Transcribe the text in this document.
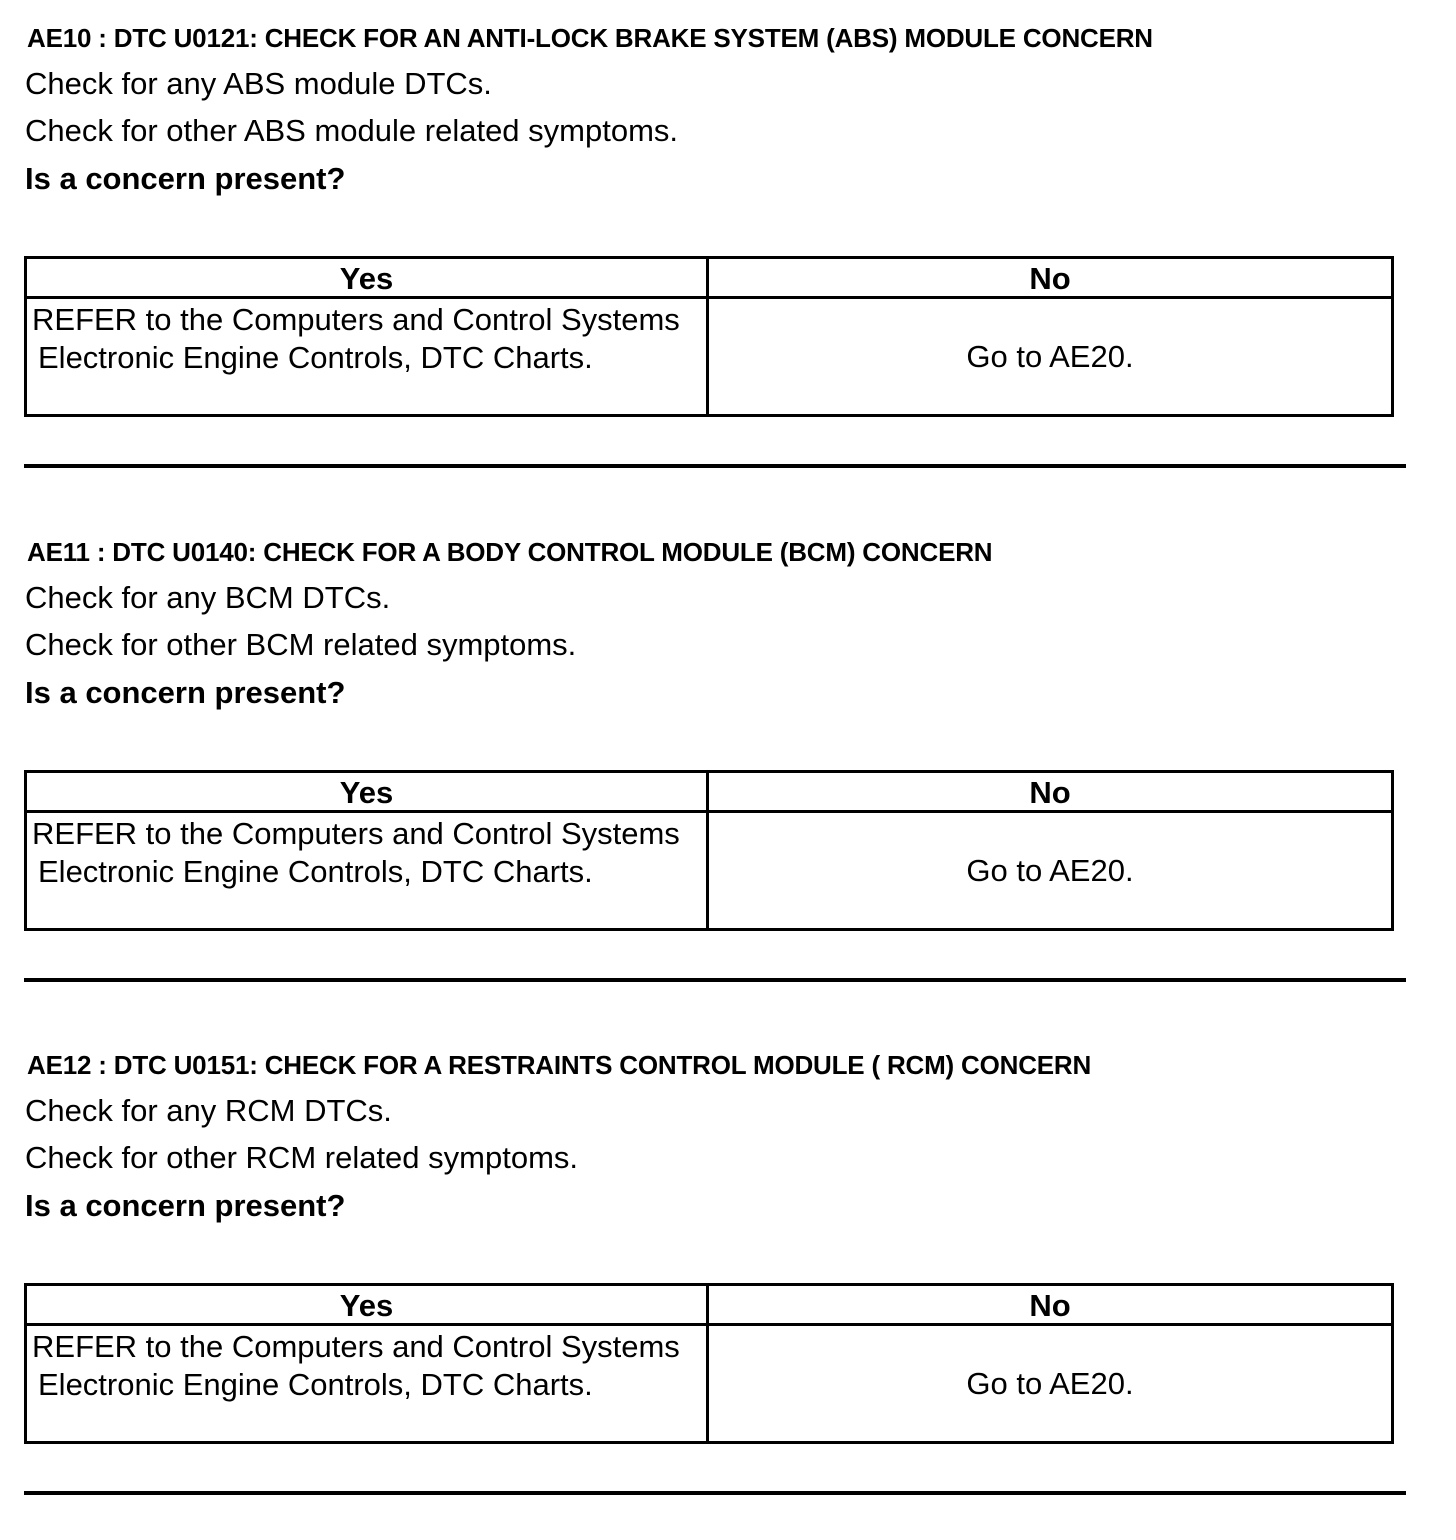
AE10 : DTC U0121: CHECK FOR AN ANTI-LOCK BRAKE SYSTEM (ABS) MODULE CONCERN
Check for any ABS module DTCs.
Check for other ABS module related symptoms.
Is a concern present?
Yes	No
REFER to the Computers and Control Systems
Electronic Engine Controls, DTC Charts.	Go to AE20.
AE11 : DTC U0140: CHECK FOR A BODY CONTROL MODULE (BCM) CONCERN
Check for any BCM DTCs.
Check for other BCM related symptoms.
Is a concern present?
Yes	No
REFER to the Computers and Control Systems
Electronic Engine Controls, DTC Charts.	Go to AE20.
AE12 : DTC U0151: CHECK FOR A RESTRAINTS CONTROL MODULE ( RCM) CONCERN
Check for any RCM DTCs.
Check for other RCM related symptoms.
Is a concern present?
Yes	No
REFER to the Computers and Control Systems
Electronic Engine Controls, DTC Charts.	Go to AE20.
